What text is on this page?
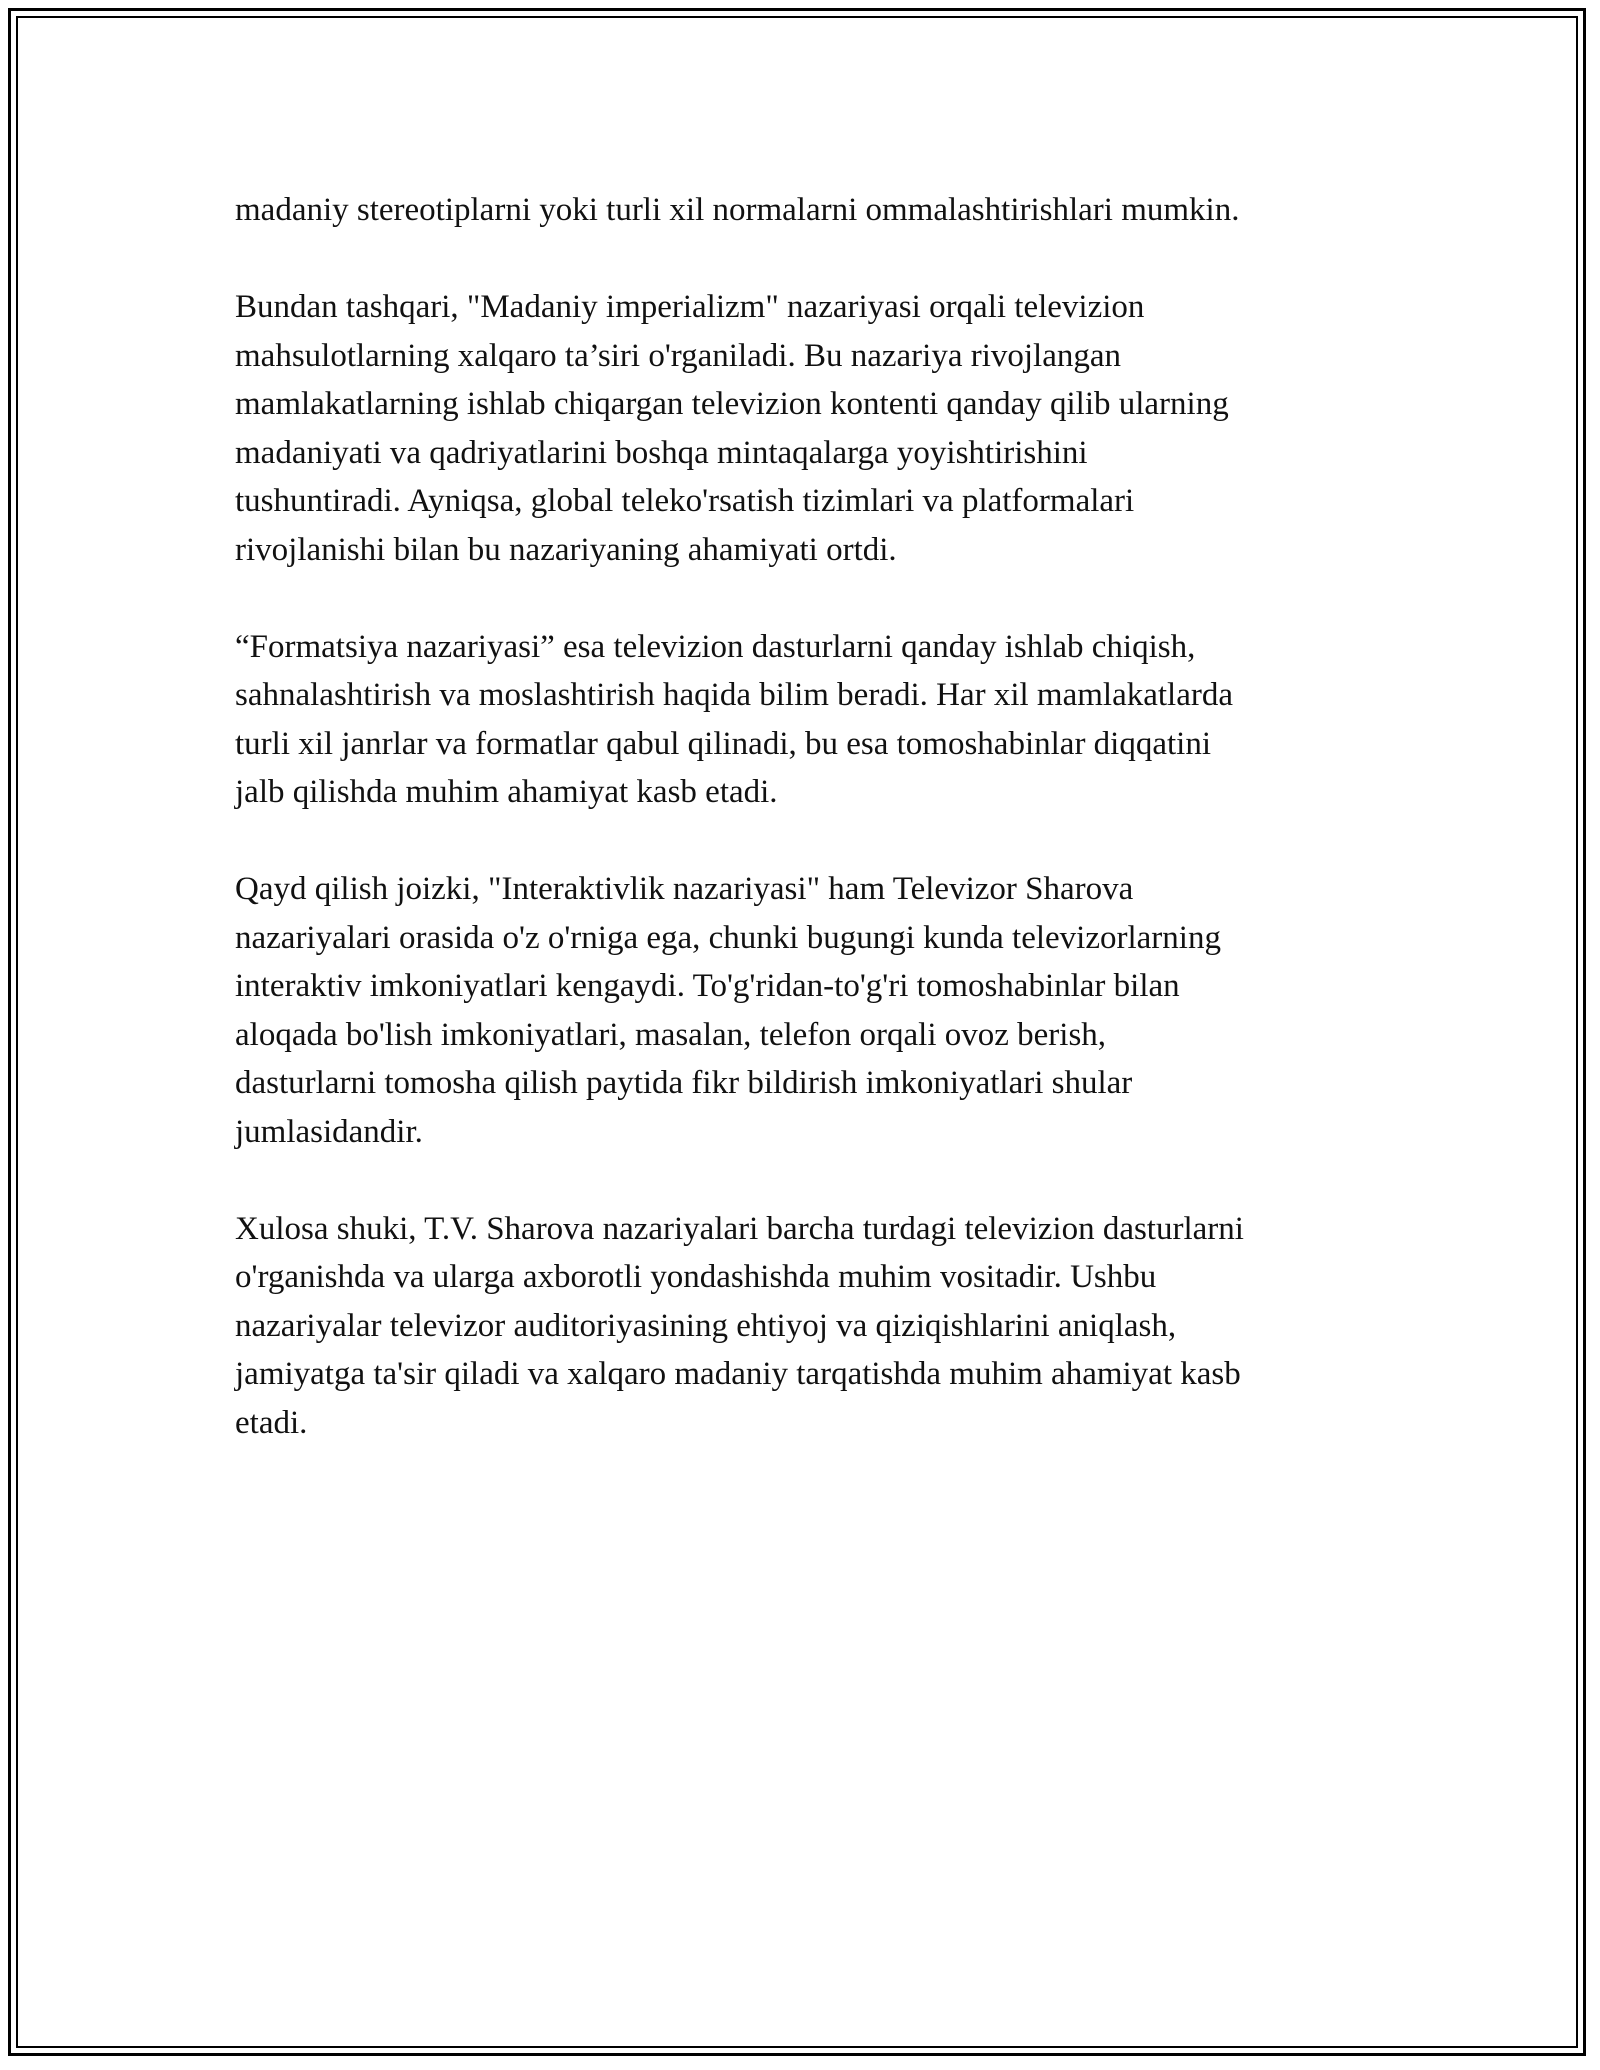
madaniy stereotiplarni yoki turli xil normalarni ommalashtirishlari mumkin.

Bundan tashqari, "Madaniy imperializm" nazariyasi orqali televizion
mahsulotlarning xalqaro ta’siri o'rganiladi. Bu nazariya rivojlangan
mamlakatlarning ishlab chiqargan televizion kontenti qanday qilib ularning
madaniyati va qadriyatlarini boshqa mintaqalarga yoyishtirishini
tushuntiradi. Ayniqsa, global teleko'rsatish tizimlari va platformalari
rivojlanishi bilan bu nazariyaning ahamiyati ortdi.

“Formatsiya nazariyasi” esa televizion dasturlarni qanday ishlab chiqish,
sahnalashtirish va moslashtirish haqida bilim beradi. Har xil mamlakatlarda
turli xil janrlar va formatlar qabul qilinadi, bu esa tomoshabinlar diqqatini
jalb qilishda muhim ahamiyat kasb etadi.

Qayd qilish joizki, "Interaktivlik nazariyasi" ham Televizor Sharova
nazariyalari orasida o'z o'rniga ega, chunki bugungi kunda televizorlarning
interaktiv imkoniyatlari kengaydi. To'g'ridan-to'g'ri tomoshabinlar bilan
aloqada bo'lish imkoniyatlari, masalan, telefon orqali ovoz berish,
dasturlarni tomosha qilish paytida fikr bildirish imkoniyatlari shular
jumlasidandir.

Xulosa shuki, T.V. Sharova nazariyalari barcha turdagi televizion dasturlarni
o'rganishda va ularga axborotli yondashishda muhim vositadir. Ushbu
nazariyalar televizor auditoriyasining ehtiyoj va qiziqishlarini aniqlash,
jamiyatga ta'sir qiladi va xalqaro madaniy tarqatishda muhim ahamiyat kasb
etadi.
